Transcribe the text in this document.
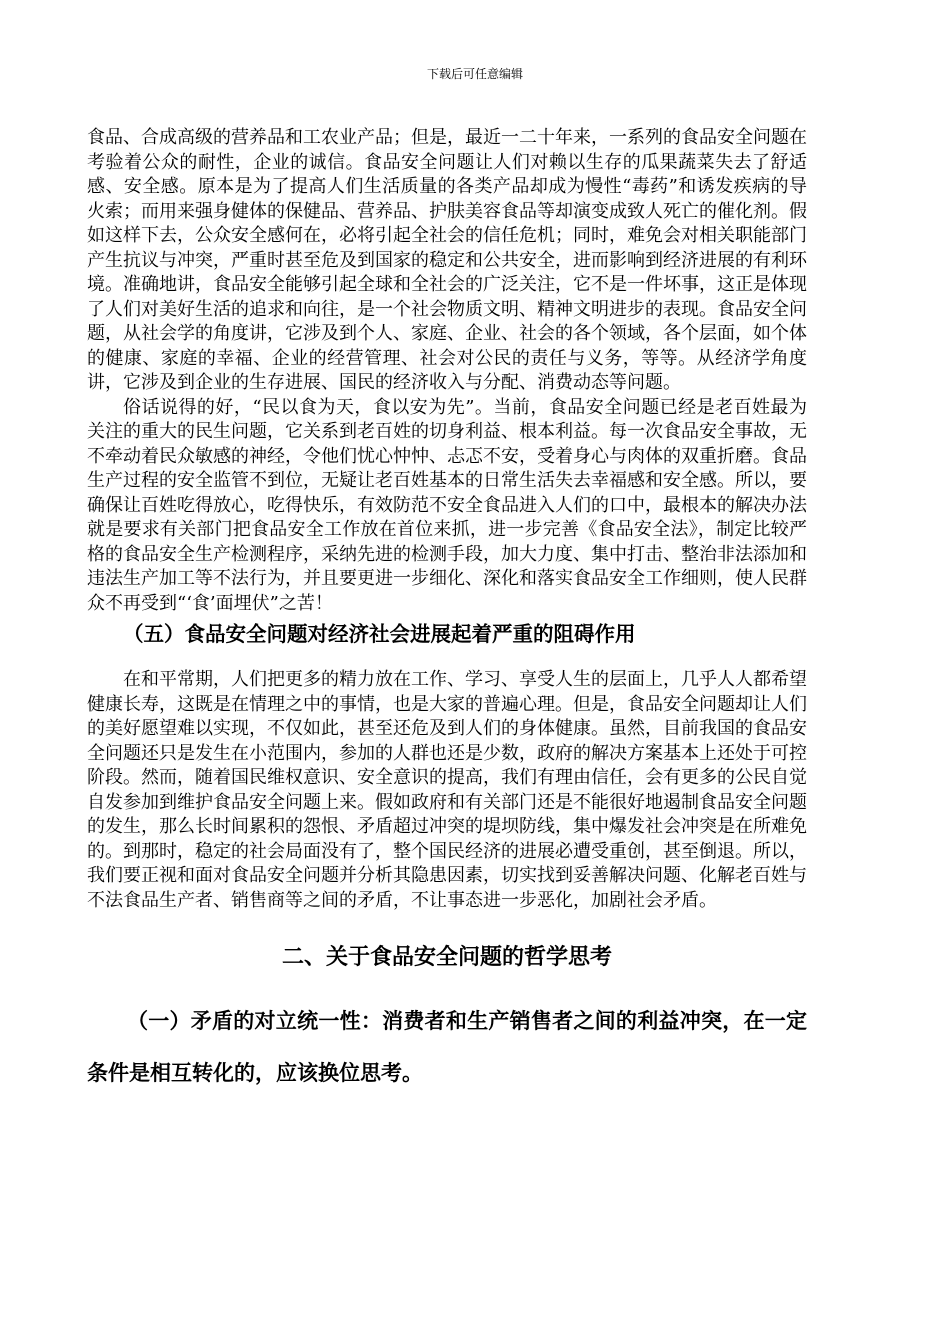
下载后可任意编辑

食品、合成高级的营养品和工农业产品；但是，最近一二十年来，一系列的食品安全问题在考验着公众的耐性，企业的诚信。食品安全问题让人们对赖以生存的瓜果蔬菜失去了舒适感、安全感。原本是为了提高人们生活质量的各类产品却成为慢性“毒药”和诱发疾病的导火索；而用来强身健体的保健品、营养品、护肤美容食品等却演变成致人死亡的催化剂。假如这样下去，公众安全感何在，必将引起全社会的信任危机；同时，难免会对相关职能部门产生抗议与冲突，严重时甚至危及到国家的稳定和公共安全，进而影响到经济进展的有利环境。准确地讲，食品安全能够引起全球和全社会的广泛关注，它不是一件坏事，这正是体现了人们对美好生活的追求和向往，是一个社会物质文明、精神文明进步的表现。食品安全问题，从社会学的角度讲，它涉及到个人、家庭、企业、社会的各个领域，各个层面，如个体的健康、家庭的幸福、企业的经营管理、社会对公民的责任与义务，等等。从经济学角度讲，它涉及到企业的生存进展、国民的经济收入与分配、消费动态等问题。

俗话说得的好，“民以食为天，食以安为先”。当前，食品安全问题已经是老百姓最为关注的重大的民生问题，它关系到老百姓的切身利益、根本利益。每一次食品安全事故，无不牵动着民众敏感的神经，令他们忧心忡忡、忐忑不安，受着身心与肉体的双重折磨。食品生产过程的安全监管不到位，无疑让老百姓基本的日常生活失去幸福感和安全感。所以，要确保让百姓吃得放心，吃得快乐，有效防范不安全食品进入人们的口中，最根本的解决办法就是要求有关部门把食品安全工作放在首位来抓，进一步完善《食品安全法》，制定比较严格的食品安全生产检测程序，采纳先进的检测手段，加大力度、集中打击、整治非法添加和违法生产加工等不法行为，并且要更进一步细化、深化和落实食品安全工作细则，使人民群众不再受到“‘食’面埋伏”之苦！

（五）食品安全问题对经济社会进展起着严重的阻碍作用

在和平常期，人们把更多的精力放在工作、学习、享受人生的层面上，几乎人人都希望健康长寿，这既是在情理之中的事情，也是大家的普遍心理。但是，食品安全问题却让人们的美好愿望难以实现，不仅如此，甚至还危及到人们的身体健康。虽然，目前我国的食品安全问题还只是发生在小范围内，参加的人群也还是少数，政府的解决方案基本上还处于可控阶段。然而，随着国民维权意识、安全意识的提高，我们有理由信任，会有更多的公民自觉自发参加到维护食品安全问题上来。假如政府和有关部门还是不能很好地遏制食品安全问题的发生，那么长时间累积的怨恨、矛盾超过冲突的堤坝防线，集中爆发社会冲突是在所难免的。到那时，稳定的社会局面没有了，整个国民经济的进展必遭受重创，甚至倒退。所以，我们要正视和面对食品安全问题并分析其隐患因素，切实找到妥善解决问题、化解老百姓与不法食品生产者、销售商等之间的矛盾，不让事态进一步恶化，加剧社会矛盾。

二、关于食品安全问题的哲学思考
（一）矛盾的对立统一性：消费者和生产销售者之间的利益冲突，在一定条件是相互转化的，应该换位思考。
